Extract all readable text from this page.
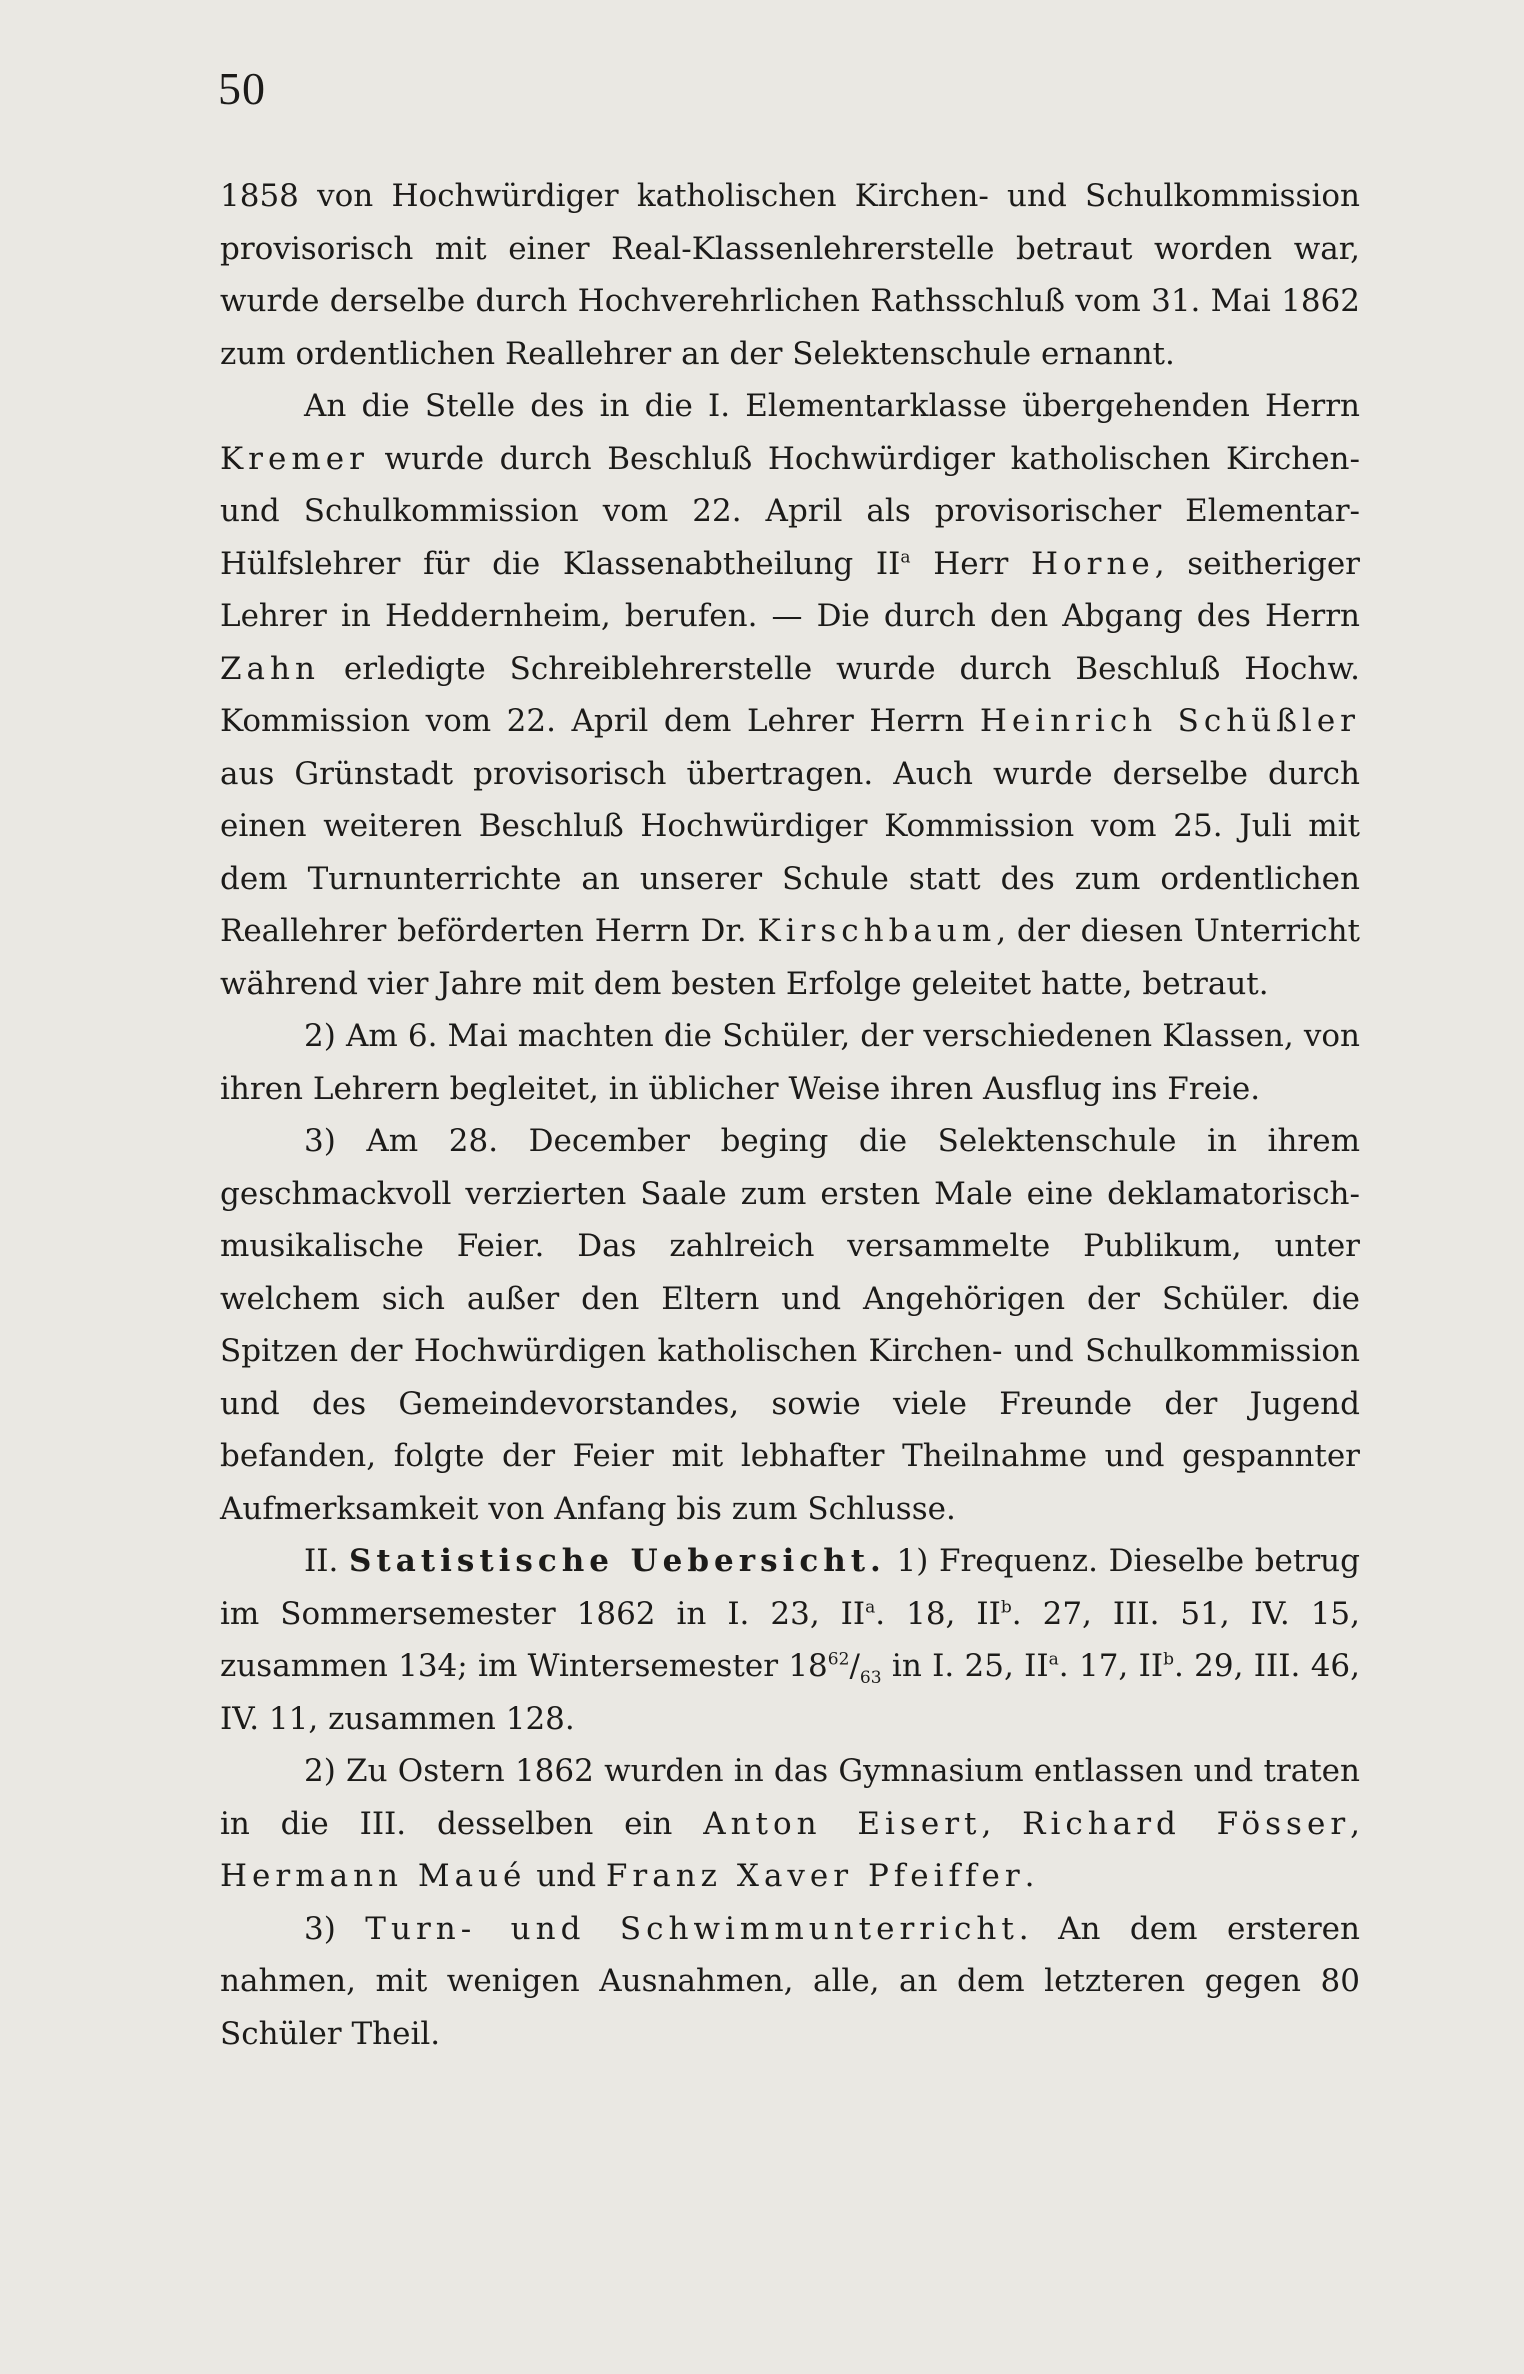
50

1858 von Hochwürdiger katholischen Kirchen- und Schulkommission provisorisch mit einer Real-Klassenlehrerstelle betraut worden war, wurde derselbe durch Hochverehrlichen Rathsschluß vom 31. Mai 1862 zum ordentlichen Reallehrer an der Selektenschule ernannt.

An die Stelle des in die I. Elementarklasse übergehenden Herrn Kremer wurde durch Beschluß Hochwürdiger katholischen Kirchen- und Schulkommission vom 22. April als provisorischer Elementar-Hülfslehrer für die Klassenabtheilung $II^a$ Herr Horne, seitheriger Lehrer in Heddernheim, berufen. — Die durch den Abgang des Herrn Zahn erledigte Schreiblehrerstelle wurde durch Beschluß Hochw. Kommission vom 22. April dem Lehrer Herrn Heinrich Schüßler aus Grünstadt provisorisch übertragen. Auch wurde derselbe durch einen weiteren Beschluß Hochwürdiger Kommission vom 25. Juli mit dem Turnunterrichte an unserer Schule statt des zum ordentlichen Reallehrer beförderten Herrn Dr. Kirschbaum, der diesen Unterricht während vier Jahre mit dem besten Erfolge geleitet hatte, betraut.

2) Am 6. Mai machten die Schüler, der verschiedenen Klassen, von ihren Lehrern begleitet, in üblicher Weise ihren Ausflug ins Freie.

3) Am 28. December beging die Selektenschule in ihrem geschmackvoll verzierten Saale zum ersten Male eine deklamatorisch-musikalische Feier. Das zahlreich versammelte Publikum, unter welchem sich außer den Eltern und Angehörigen der Schüler. die Spitzen der Hochwürdigen katholischen Kirchen- und Schulkommission und des Gemeindevorstandes, sowie viele Freunde der Jugend befanden, folgte der Feier mit lebhafter Theilnahme und gespannter Aufmerksamkeit von Anfang bis zum Schlusse.

II. Statistische Uebersicht. 1) Frequenz. Dieselbe betrug im Sommersemester 1862 in I. 23, $II^a$. 18, $II^b$. 27, III. 51, IV. 15, zusammen 134; im Wintersemester $18^{62}/_{63}$ in I. 25, $II^a$. 17, $II^b$. 29, III. 46, IV. 11, zusammen 128.

2) Zu Ostern 1862 wurden in das Gymnasium entlassen und traten in die III. desselben ein Anton Eisert, Richard Fösser, Hermann Maué und Franz Xaver Pfeiffer.

3) Turn- und Schwimmunterricht. An dem ersteren nahmen, mit wenigen Ausnahmen, alle, an dem letzteren gegen 80 Schüler Theil.
